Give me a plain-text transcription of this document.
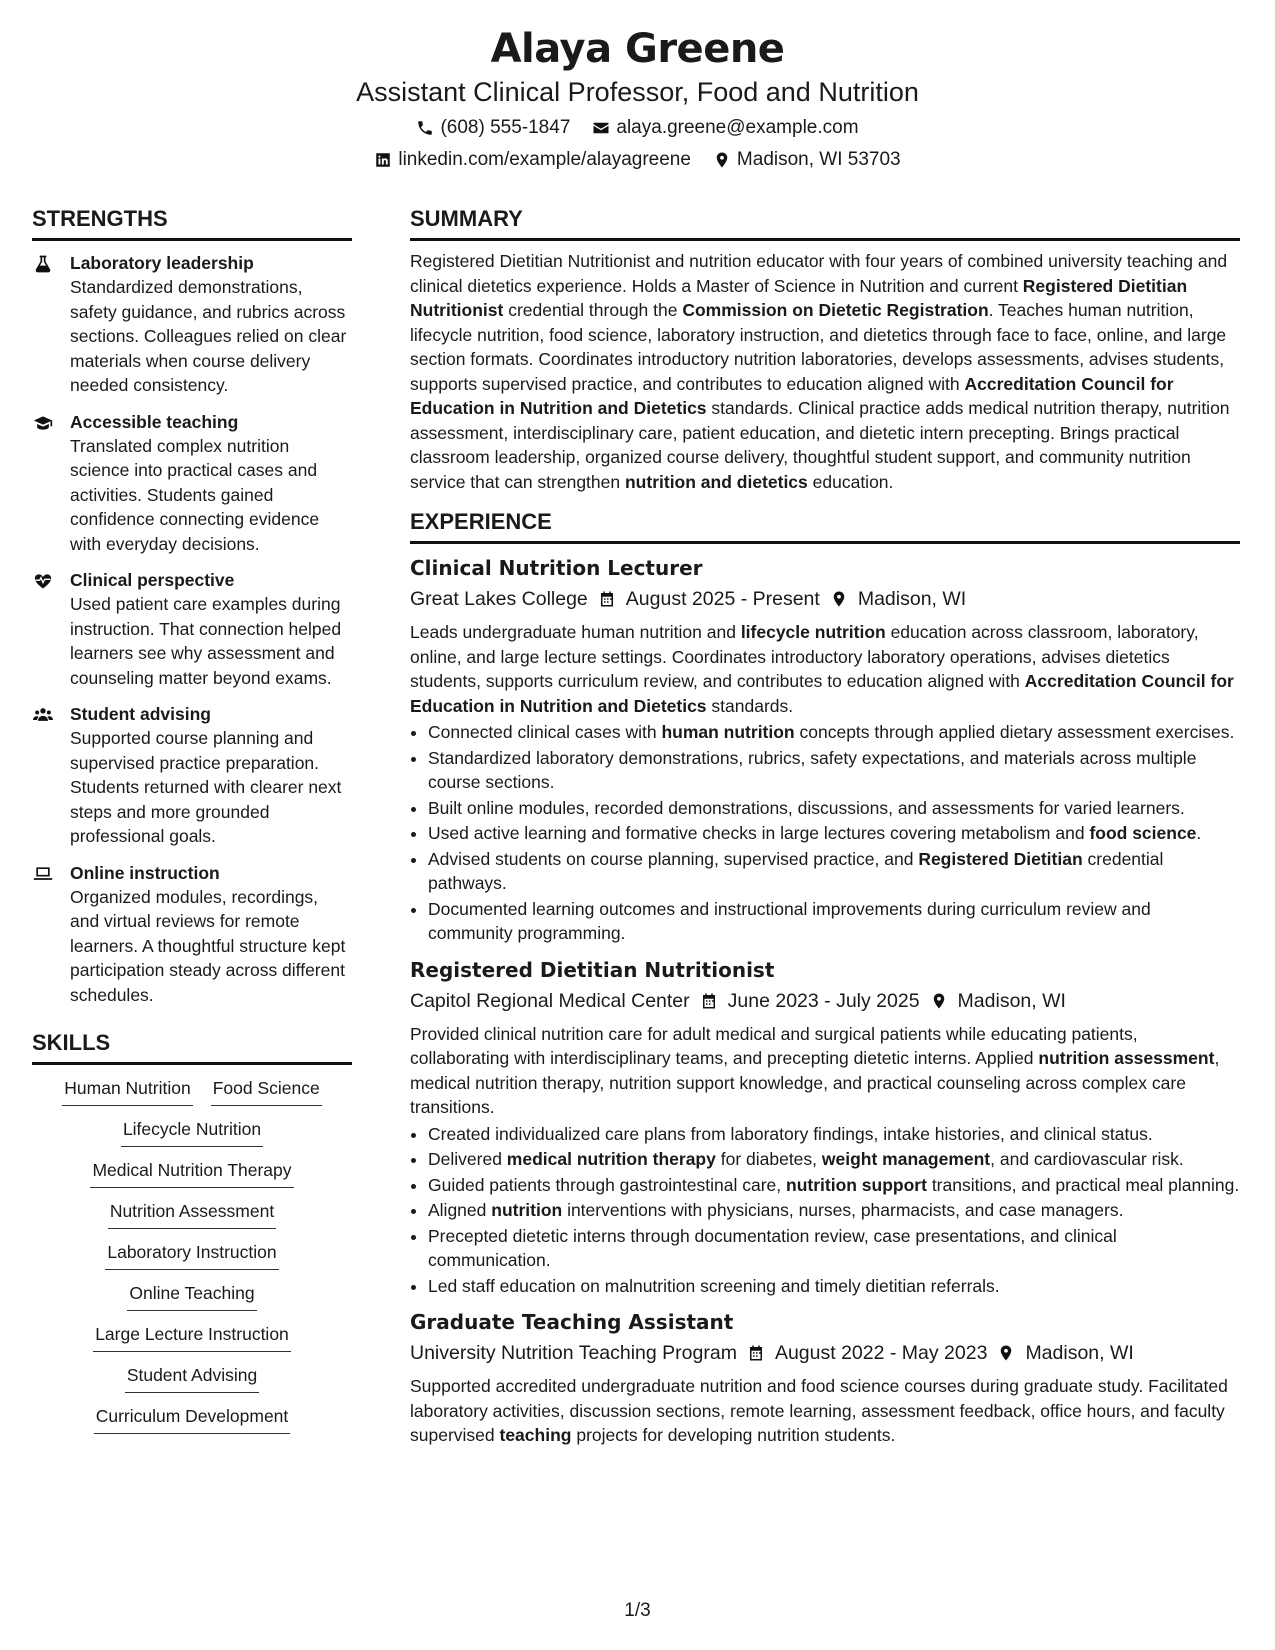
Alaya Greene

Assistant Clinical Professor, Food and Nutrition

(608) 555-1847 alaya.greene@example.com
linkedin.com/example/alayagreene Madison, WI 53703
STRENGTHS
Laboratory leadership
Standardized demonstrations, safety guidance, and rubrics across sections. Colleagues relied on clear materials when course delivery needed consistency.
Accessible teaching
Translated complex nutrition science into practical cases and activities. Students gained confidence connecting evidence with everyday decisions.
Clinical perspective
Used patient care examples during instruction. That connection helped learners see why assessment and counseling matter beyond exams.
Student advising
Supported course planning and supervised practice preparation. Students returned with clearer next steps and more grounded professional goals.
Online instruction
Organized modules, recordings, and virtual reviews for remote learners. A thoughtful structure kept participation steady across different schedules.
SKILLS
Human Nutrition Food Science
Lifecycle Nutrition
Medical Nutrition Therapy
Nutrition Assessment
Laboratory Instruction
Online Teaching
Large Lecture Instruction
Student Advising
Curriculum Development
SUMMARY
Registered Dietitian Nutritionist and nutrition educator with four years of combined university teaching and clinical dietetics experience. Holds a Master of Science in Nutrition and current Registered Dietitian Nutritionist credential through the Commission on Dietetic Registration. Teaches human nutrition, lifecycle nutrition, food science, laboratory instruction, and dietetics through face to face, online, and large section formats. Coordinates introductory nutrition laboratories, develops assessments, advises students, supports supervised practice, and contributes to education aligned with Accreditation Council for Education in Nutrition and Dietetics standards. Clinical practice adds medical nutrition therapy, nutrition assessment, interdisciplinary care, patient education, and dietetic intern precepting. Brings practical classroom leadership, organized course delivery, thoughtful student support, and community nutrition service that can strengthen nutrition and dietetics education.
EXPERIENCE
Clinical Nutrition Lecturer
Great Lakes College August 2025 - Present Madison, WI
Leads undergraduate human nutrition and lifecycle nutrition education across classroom, laboratory, online, and large lecture settings. Coordinates introductory laboratory operations, advises dietetics students, supports curriculum review, and contributes to education aligned with Accreditation Council for Education in Nutrition and Dietetics standards.
• Connected clinical cases with human nutrition concepts through applied dietary assessment exercises.
• Standardized laboratory demonstrations, rubrics, safety expectations, and materials across multiple course sections.
• Built online modules, recorded demonstrations, discussions, and assessments for varied learners.
• Used active learning and formative checks in large lectures covering metabolism and food science.
• Advised students on course planning, supervised practice, and Registered Dietitian credential pathways.
• Documented learning outcomes and instructional improvements during curriculum review and community programming.
Registered Dietitian Nutritionist
Capitol Regional Medical Center June 2023 - July 2025 Madison, WI
Provided clinical nutrition care for adult medical and surgical patients while educating patients, collaborating with interdisciplinary teams, and precepting dietetic interns. Applied nutrition assessment, medical nutrition therapy, nutrition support knowledge, and practical counseling across complex care transitions.
• Created individualized care plans from laboratory findings, intake histories, and clinical status.
• Delivered medical nutrition therapy for diabetes, weight management, and cardiovascular risk.
• Guided patients through gastrointestinal care, nutrition support transitions, and practical meal planning.
• Aligned nutrition interventions with physicians, nurses, pharmacists, and case managers.
• Precepted dietetic interns through documentation review, case presentations, and clinical communication.
• Led staff education on malnutrition screening and timely dietitian referrals.
Graduate Teaching Assistant
University Nutrition Teaching Program August 2022 - May 2023 Madison, WI
Supported accredited undergraduate nutrition and food science courses during graduate study. Facilitated laboratory activities, discussion sections, remote learning, assessment feedback, office hours, and faculty supervised teaching projects for developing nutrition students.
1/3
